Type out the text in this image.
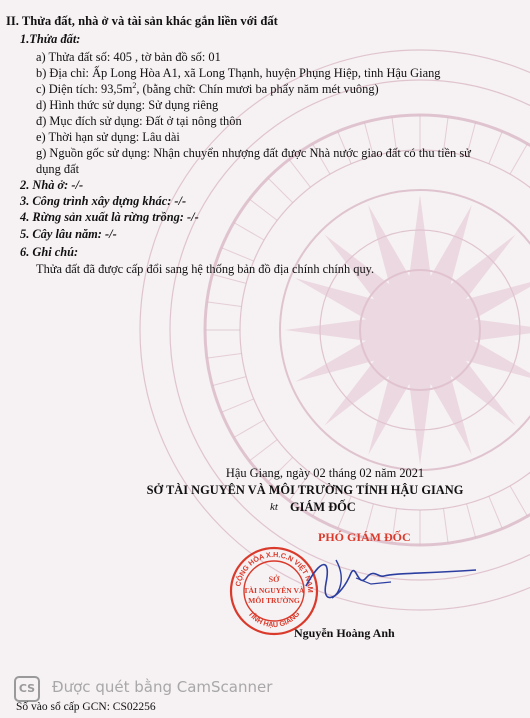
II. Thửa đất, nhà ở và tài sản khác gắn liền với đất
1.Thửa đất:
a) Thửa đất số: 405 , tờ bản đồ số: 01
b) Địa chỉ: Ấp Long Hòa A1, xã Long Thạnh, huyện Phụng Hiệp, tỉnh Hậu Giang
c) Diện tích: $93,5m^2$, (bằng chữ: Chín mươi ba phẩy năm mét vuông)
d) Hình thức sử dụng: Sử dụng riêng
đ) Mục đích sử dụng: Đất ở tại nông thôn
e) Thời hạn sử dụng: Lâu dài
g) Nguồn gốc sử dụng: Nhận chuyển nhượng đất được Nhà nước giao đất có thu tiền sử
dụng đất
2. Nhà ở: -/-
3. Công trình xây dựng khác: -/-
4. Rừng sản xuất là rừng trồng: -/-
5. Cây lâu năm: -/-
6. Ghi chú:
Thửa đất đã được cấp đổi sang hệ thống bản đồ địa chính chính quy.
Hậu Giang, ngày 02 tháng 02 năm 2021
SỞ TÀI NGUYÊN VÀ MÔI TRƯỜNG TỈNH HẬU GIANG
kt GIÁM ĐỐC
PHÓ GIÁM ĐỐC
Nguyễn Hoàng Anh
Số vào sổ cấp GCN: CS02256
CỘNG HÒA X.H.C.N VIỆT NAM
TỈNH HẬU GIANG
SỞ
TÀI NGUYÊN VÀ
MÔI TRƯỜNG
CS	Được quét bằng CamScanner
